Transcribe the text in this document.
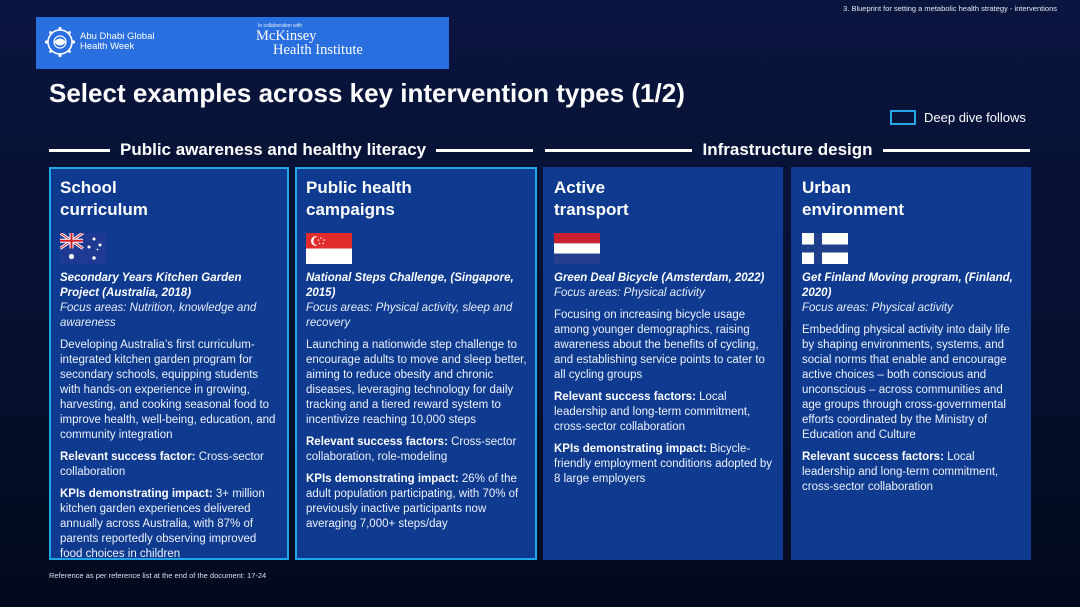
3. Blueprint for setting a metabolic health strategy - interventions
Abu Dhabi Global
Health Week
In collaboration with
McKinsey
Health Institute
Select examples across key intervention types (1/2)
Deep dive follows
Public awareness and healthy literacy	Infrastructure design
School
curriculum
Secondary Years Kitchen Garden Project (Australia, 2018)
Focus areas: Nutrition, knowledge and awareness
Developing Australia’s first curriculum-integrated kitchen garden program for secondary schools, equipping students with hands-on experience in growing, harvesting, and cooking seasonal food to improve health, well-being, education, and community integration
Relevant success factor: Cross-sector collaboration
KPIs demonstrating impact: 3+ million kitchen garden experiences delivered annually across Australia, with 87% of parents reportedly observing improved food choices in children
Public health
campaigns
National Steps Challenge, (Singapore, 2015)
Focus areas: Physical activity, sleep and recovery
Launching a nationwide step challenge to encourage adults to move and sleep better, aiming to reduce obesity and chronic diseases, leveraging technology for daily tracking and a tiered reward system to incentivize reaching 10,000 steps
Relevant success factors: Cross-sector collaboration, role-modeling
KPIs demonstrating impact: 26% of the adult population participating, with 70% of previously inactive participants now averaging 7,000+ steps/day
Active
transport
Green Deal Bicycle (Amsterdam, 2022)
Focus areas: Physical activity
Focusing on increasing bicycle usage among younger demographics, raising awareness about the benefits of cycling, and establishing service points to cater to all cycling groups
Relevant success factors: Local leadership and long-term commitment, cross-sector collaboration
KPIs demonstrating impact: Bicycle-friendly employment conditions adopted by 8 large employers
Urban
environment
Get Finland Moving program, (Finland, 2020)
Focus areas: Physical activity
Embedding physical activity into daily life by shaping environments, systems, and social norms that enable and encourage active choices – both conscious and unconscious – across communities and age groups through cross-governmental efforts coordinated by the Ministry of Education and Culture
Relevant success factors: Local leadership and long-term commitment, cross-sector collaboration
Reference as per reference list at the end of the document: 17-24
